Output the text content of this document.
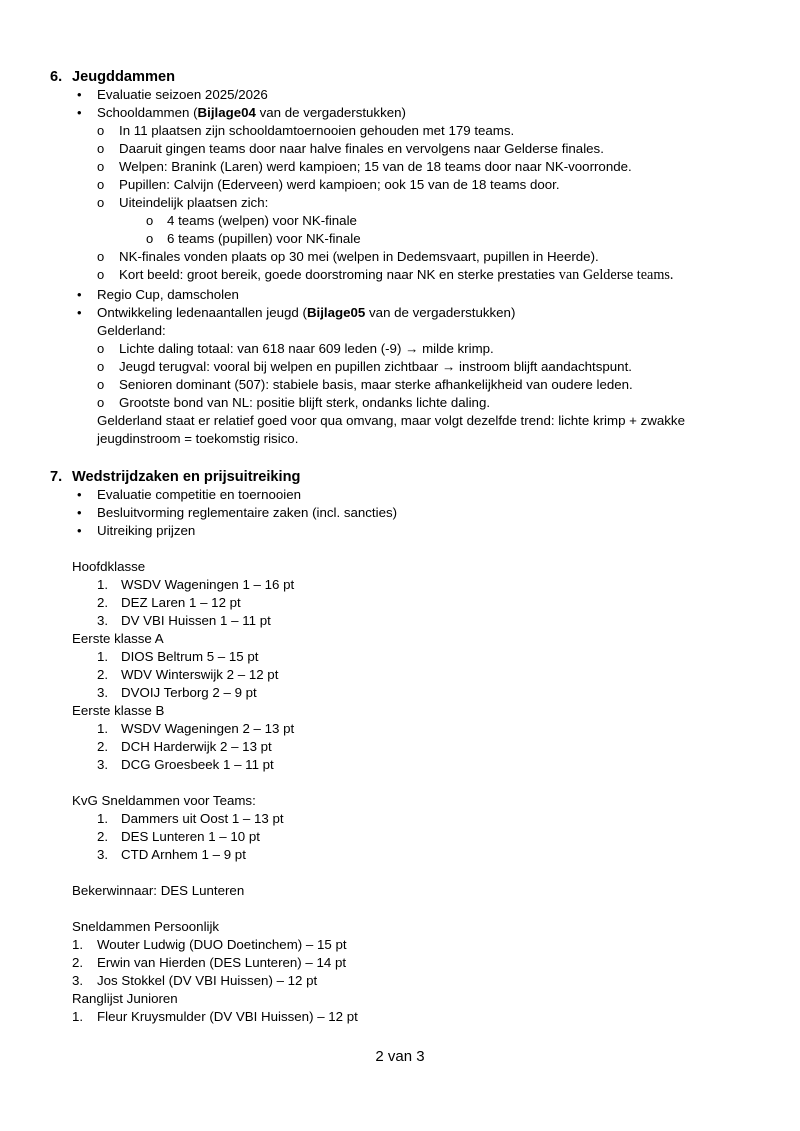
6. Jeugddammen
• Evaluatie seizoen 2025/2026
• Schooldammen (Bijlage04 van de vergaderstukken)
o In 11 plaatsen zijn schooldamtoernooien gehouden met 179 teams.
o Daaruit gingen teams door naar halve finales en vervolgens naar Gelderse finales.
o Welpen: Branink (Laren) werd kampioen; 15 van de 18 teams door naar NK-voorronde.
o Pupillen: Calvijn (Ederveen) werd kampioen; ook 15 van de 18 teams door.
o Uiteindelijk plaatsen zich:
o 4 teams (welpen) voor NK-finale
o 6 teams (pupillen) voor NK-finale
o NK-finales vonden plaats op 30 mei (welpen in Dedemsvaart, pupillen in Heerde).
o Kort beeld: groot bereik, goede doorstroming naar NK en sterke prestaties van Gelderse teams.
• Regio Cup, damscholen
• Ontwikkeling ledenaantallen jeugd (Bijlage05 van de vergaderstukken)
Gelderland:
o Lichte daling totaal: van 618 naar 609 leden (-9) → milde krimp.
o Jeugd terugval: vooral bij welpen en pupillen zichtbaar → instroom blijft aandachtspunt.
o Senioren dominant (507): stabiele basis, maar sterke afhankelijkheid van oudere leden.
o Grootste bond van NL: positie blijft sterk, ondanks lichte daling.
Gelderland staat er relatief goed voor qua omvang, maar volgt dezelfde trend: lichte krimp + zwakke
jeugdinstroom = toekomstig risico.
7. Wedstrijdzaken en prijsuitreiking
• Evaluatie competitie en toernooien
• Besluitvorming reglementaire zaken (incl. sancties)
• Uitreiking prijzen
Hoofdklasse
1. WSDV Wageningen 1 – 16 pt
2. DEZ Laren 1 – 12 pt
3. DV VBI Huissen 1 – 11 pt
Eerste klasse A
1. DIOS Beltrum 5 – 15 pt
2. WDV Winterswijk 2 – 12 pt
3. DVOIJ Terborg 2 – 9 pt
Eerste klasse B
1. WSDV Wageningen 2 – 13 pt
2. DCH Harderwijk 2 – 13 pt
3. DCG Groesbeek 1 – 11 pt
KvG Sneldammen voor Teams:
1. Dammers uit Oost 1 – 13 pt
2. DES Lunteren 1 – 10 pt
3. CTD Arnhem 1 – 9 pt
Bekerwinnaar: DES Lunteren
Sneldammen Persoonlijk
1. Wouter Ludwig (DUO Doetinchem) – 15 pt
2. Erwin van Hierden (DES Lunteren) – 14 pt
3. Jos Stokkel (DV VBI Huissen) – 12 pt
Ranglijst Junioren
1. Fleur Kruysmulder (DV VBI Huissen) – 12 pt
2 van 3
